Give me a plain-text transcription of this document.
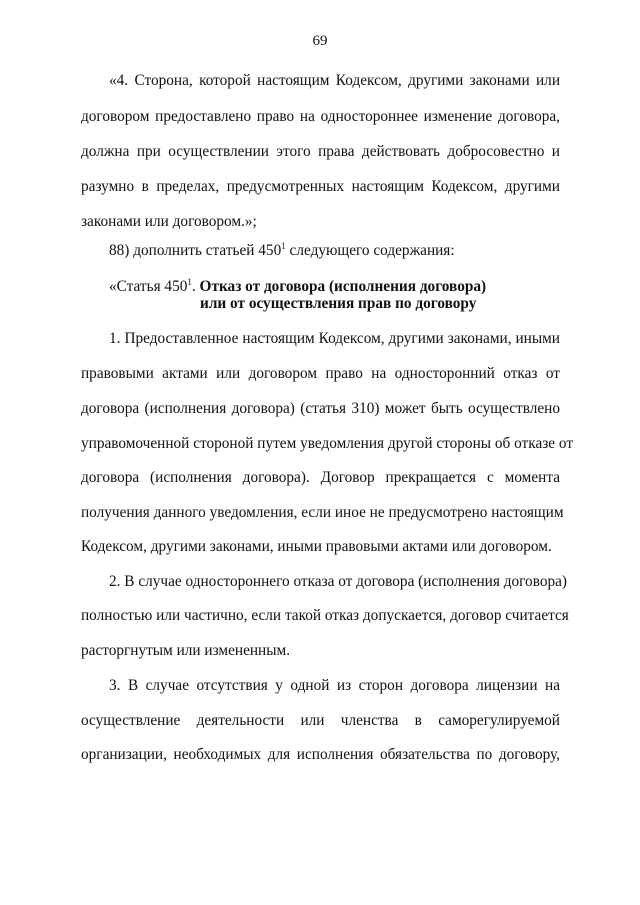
69
«4. Сторона, которой настоящим Кодексом, другими законами или
договором предоставлено право на одностороннее изменение договора,
должна при осуществлении этого права действовать добросовестно и
разумно в пределах, предусмотренных настоящим Кодексом, другими
законами или договором.»;
88) дополнить статьей $450^1$ следующего содержания:
«Статья $450^1$. Отказ от договора (исполнения договора)
или от осуществления прав по договору
1. Предоставленное настоящим Кодексом, другими законами, иными
правовыми актами или договором право на односторонний отказ от
договора (исполнения договора) (статья 310) может быть осуществлено
управомоченной стороной путем уведомления другой стороны об отказе от
договора (исполнения договора). Договор прекращается с момента
получения данного уведомления, если иное не предусмотрено настоящим
Кодексом, другими законами, иными правовыми актами или договором.
2. В случае одностороннего отказа от договора (исполнения договора)
полностью или частично, если такой отказ допускается, договор считается
расторгнутым или измененным.
3. В случае отсутствия у одной из сторон договора лицензии на
осуществление деятельности или членства в саморегулируемой
организации, необходимых для исполнения обязательства по договору,
